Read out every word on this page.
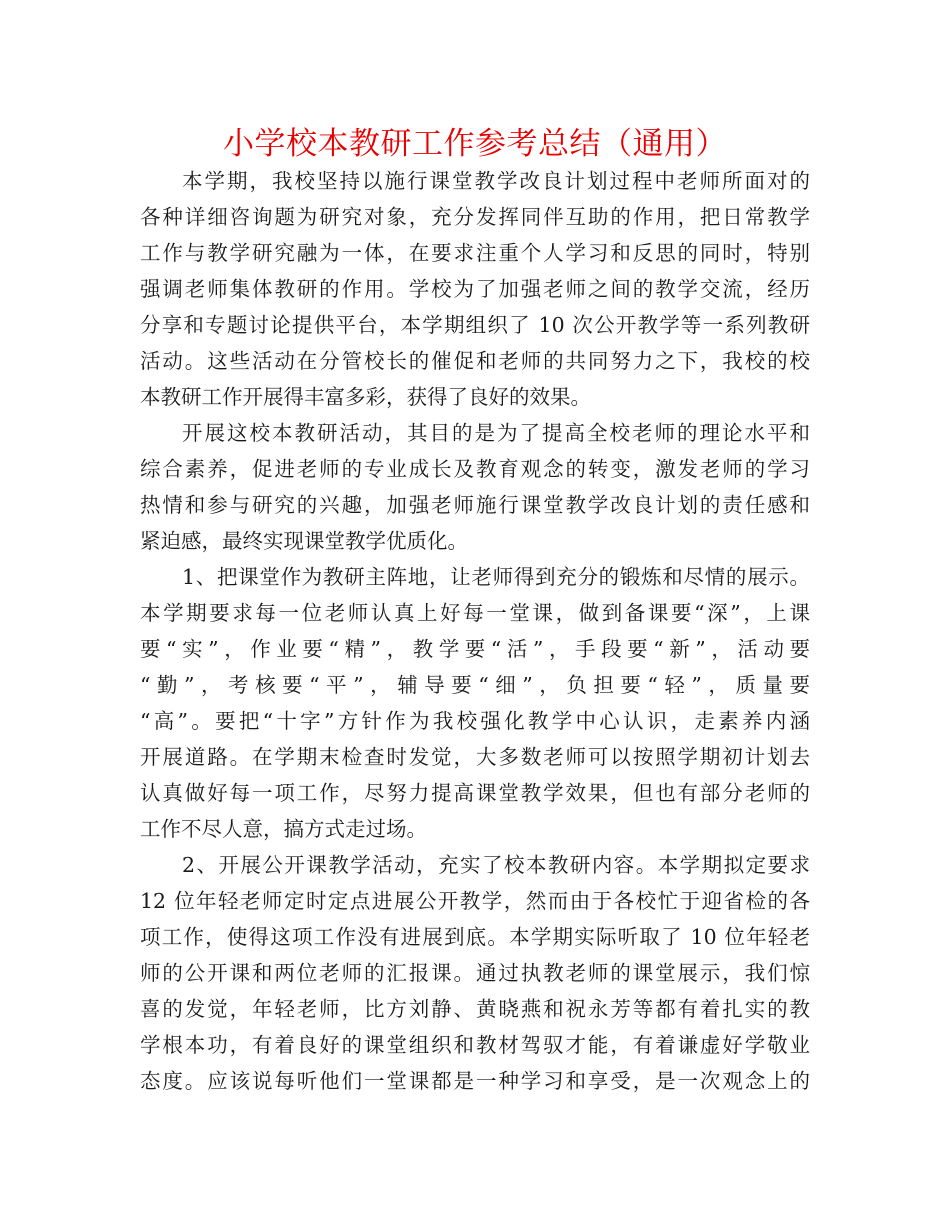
小学校本教研工作参考总结（通用）
本学期，我校坚持以施行课堂教学改良计划过程中老师所面对的
各种详细咨询题为研究对象，充分发挥同伴互助的作用，把日常教学
工作与教学研究融为一体，在要求注重个人学习和反思的同时，特别
强调老师集体教研的作用。学校为了加强老师之间的教学交流，经历
分享和专题讨论提供平台，本学期组织了 10 次公开教学等一系列教研
活动。这些活动在分管校长的催促和老师的共同努力之下，我校的校
本教研工作开展得丰富多彩，获得了良好的效果。
开展这校本教研活动，其目的是为了提高全校老师的理论水平和
综合素养，促进老师的专业成长及教育观念的转变，激发老师的学习
热情和参与研究的兴趣，加强老师施行课堂教学改良计划的责任感和
紧迫感，最终实现课堂教学优质化。
1、把课堂作为教研主阵地，让老师得到充分的锻炼和尽情的展示。
本学期要求每一位老师认真上好每一堂课，做到备课要“深”，上课
要“实”，作业要“精”，教学要“活”，手段要“新”，活动要
“勤”，考核要“平”，辅导要“细”，负担要“轻”，质量要
“高”。要把“十字”方针作为我校强化教学中心认识，走素养内涵
开展道路。在学期末检查时发觉，大多数老师可以按照学期初计划去
认真做好每一项工作，尽努力提高课堂教学效果，但也有部分老师的
工作不尽人意，搞方式走过场。
2、开展公开课教学活动，充实了校本教研内容。本学期拟定要求
12 位年轻老师定时定点进展公开教学，然而由于各校忙于迎省检的各
项工作，使得这项工作没有进展到底。本学期实际听取了 10 位年轻老
师的公开课和两位老师的汇报课。通过执教老师的课堂展示，我们惊
喜的发觉，年轻老师，比方刘静、黄晓燕和祝永芳等都有着扎实的教
学根本功，有着良好的课堂组织和教材驾驭才能，有着谦虚好学敬业
态度。应该说每听他们一堂课都是一种学习和享受，是一次观念上的
